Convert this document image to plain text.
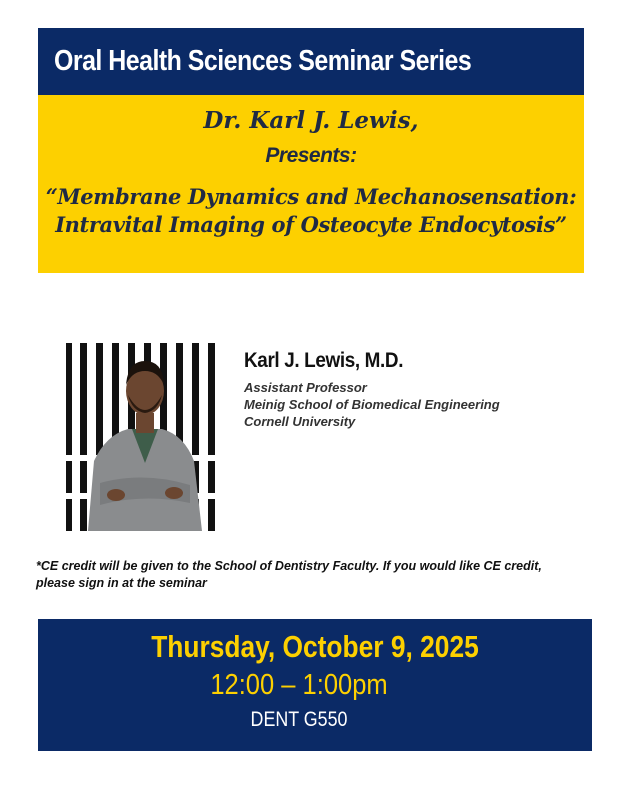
Oral Health Sciences Seminar Series
Dr. Karl J. Lewis,
Presents:
“Membrane Dynamics and Mechanosensation:
Intravital Imaging of Osteocyte Endocytosis”
Karl J. Lewis, M.D.
Assistant Professor
Meinig School of Biomedical Engineering
Cornell University
*CE credit will be given to the School of Dentistry Faculty. If you would like CE credit, please sign in at the seminar
Thursday, October 9, 2025
12:00 – 1:00pm
DENT G550
